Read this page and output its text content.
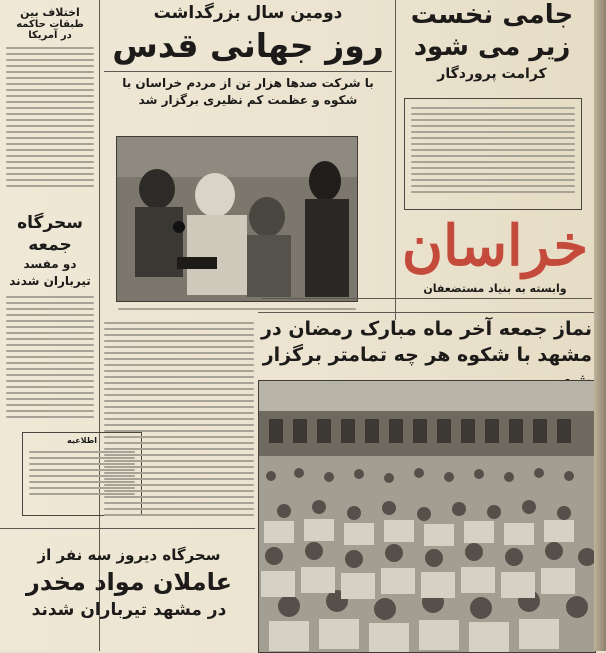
اختلاف بین
طبقات حاکمه
در آمریکا
سحرگاه
جمعه
دو مفسد
تیرباران شدند
اطلاعیه
دومین سال بزرگداشت
روز جهانی قدس
با شرکت صدها هزار تن از مردم خراسان با شکوه و عظمت کم نظیری برگزار شد
جامی نخست
زیر می شود
کرامت پروردگار
خراسان
وابسته به بنیاد مستضعفان
نماز جمعه آخر ماه مبارک رمضان در
مشهد با شکوه هر چه تمامتر برگزار
سحرگاه دیروز سه نفر از
عاملان مواد مخدر
در مشهد تیرباران شدند
